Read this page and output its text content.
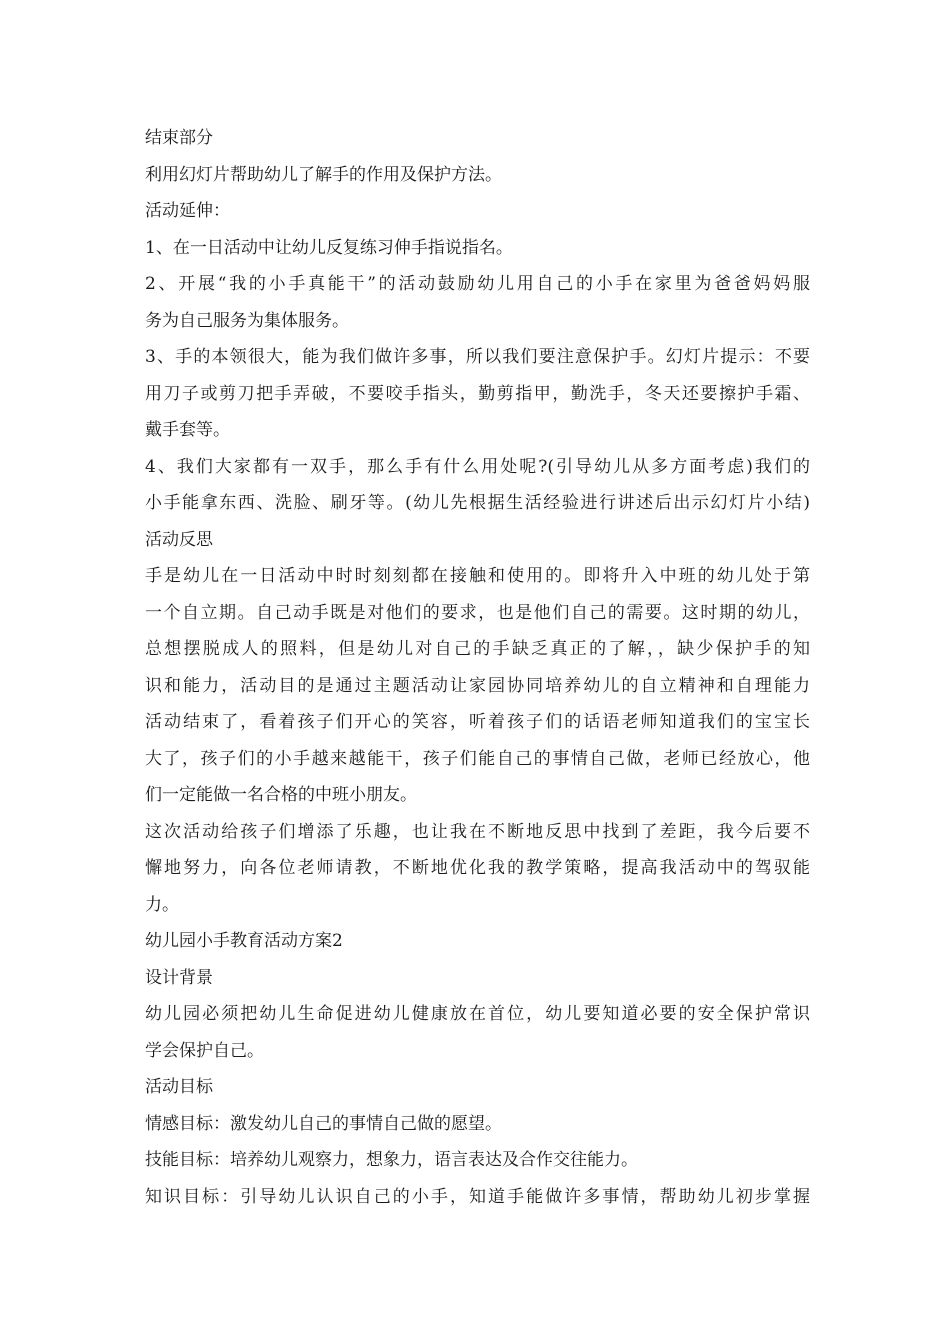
结束部分
利用幻灯片帮助幼儿了解手的作用及保护方法。
活动延伸：
1、在一日活动中让幼儿反复练习伸手指说指名。
2、开展“我的小手真能干”的活动鼓励幼儿用自己的小手在家里为爸爸妈妈服
务为自己服务为集体服务。
3、手的本领很大，能为我们做许多事，所以我们要注意保护手。幻灯片提示：不要
用刀子或剪刀把手弄破，不要咬手指头，勤剪指甲，勤洗手，冬天还要擦护手霜、
戴手套等。
4、我们大家都有一双手，那么手有什么用处呢?(引导幼儿从多方面考虑)我们的
小手能拿东西、洗脸、刷牙等。(幼儿先根据生活经验进行讲述后出示幻灯片小结)
活动反思
手是幼儿在一日活动中时时刻刻都在接触和使用的。即将升入中班的幼儿处于第
一个自立期。自己动手既是对他们的要求，也是他们自己的需要。这时期的幼儿，
总想摆脱成人的照料，但是幼儿对自己的手缺乏真正的了解，，缺少保护手的知
识和能力，活动目的是通过主题活动让家园协同培养幼儿的自立精神和自理能力
活动结束了，看着孩子们开心的笑容，听着孩子们的话语老师知道我们的宝宝长
大了，孩子们的小手越来越能干，孩子们能自己的事情自己做，老师已经放心，他
们一定能做一名合格的中班小朋友。
这次活动给孩子们增添了乐趣，也让我在不断地反思中找到了差距，我今后要不
懈地努力，向各位老师请教，不断地优化我的教学策略，提高我活动中的驾驭能
力。
幼儿园小手教育活动方案2
设计背景
幼儿园必须把幼儿生命促进幼儿健康放在首位，幼儿要知道必要的安全保护常识
学会保护自己。
活动目标
情感目标：激发幼儿自己的事情自己做的愿望。
技能目标：培养幼儿观察力，想象力，语言表达及合作交往能力。
知识目标：引导幼儿认识自己的小手，知道手能做许多事情，帮助幼儿初步掌握
